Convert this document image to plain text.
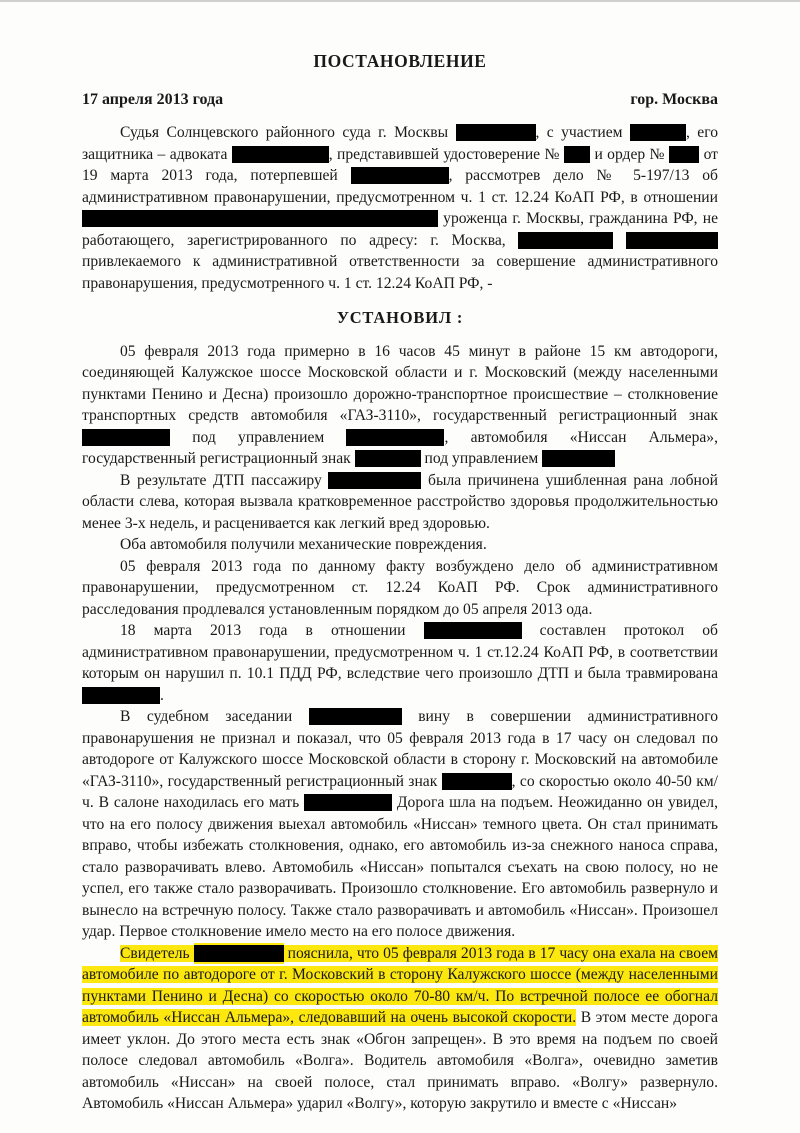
ПОСТАНОВЛЕНИЕ
17 апреля 2013 года	гор. Москва

Судья Солнцевского районного суда г. Москвы	, с участием	, его защитника – адвоката	, представившей удостоверение №  и ордер №  от 19 марта 2013 года, потерпевшей	, рассмотрев дело № 5-197/13 об административном правонарушении, предусмотренном ч. 1 ст. 12.24 КоАП РФ, в отношении  уроженца г. Москвы, гражданина РФ, не работающего, зарегистрированного по адресу: г. Москва,   привлекаемого к административной ответственности за совершение административного правонарушения, предусмотренного ч. 1 ст. 12.24 КоАП РФ, -

УСТАНОВИЛ :

05 февраля 2013 года примерно в 16 часов 45 минут в районе 15 км автодороги, соединяющей Калужское шоссе Московской области и г. Московский (между населенными пунктами Пенино и Десна) произошло дорожно-транспортное происшествие – столкновение транспортных средств автомобиля «ГАЗ-3110», государственный регистрационный знак  под управлением	, автомобиля «Ниссан Альмера», государственный регистрационный знак	под управлением

В результате ДТП пассажиру	была причинена ушибленная рана лобной области слева, которая вызвала кратковременное расстройство здоровья продолжительностью менее 3-х недель, и расценивается как легкий вред здоровью.

Оба автомобиля получили механические повреждения.

05 февраля 2013 года по данному факту возбуждено дело об административном правонарушении, предусмотренном ст. 12.24 КоАП РФ. Срок административного расследования продлевался установленным порядком до 05 апреля 2013 ода.

18 марта 2013 года в отношении	составлен протокол об административном правонарушении, предусмотренном ч. 1 ст.12.24 КоАП РФ, в соответствии которым он нарушил п. 10.1 ПДД РФ, вследствие чего произошло ДТП и была травмирована .

В судебном заседании	вину в совершении административного правонарушения не признал и показал, что 05 февраля 2013 года в 17 часу он следовал по автодороге от Калужского шоссе Московской области в сторону г. Московский на автомобиле «ГАЗ-3110», государственный регистрационный знак	, со скоростью около 40-50 км/ч. В салоне находилась его мать	Дорога шла на подъем. Неожиданно он увидел, что на его полосу движения выехал автомобиль «Ниссан» темного цвета. Он стал принимать вправо, чтобы избежать столкновения, однако, его автомобиль из-за снежного наноса справа, стало разворачивать влево. Автомобиль «Ниссан» попытался съехать на свою полосу, но не успел, его также стало разворачивать. Произошло столкновение. Его автомобиль развернуло и вынесло на встречную полосу. Также стало разворачивать и автомобиль «Ниссан». Произошел удар. Первое столкновение имело место на его полосе движения.

Свидетель	пояснила, что 05 февраля 2013 года в 17 часу она ехала на своем автомобиле по автодороге от г. Московский в сторону Калужского шоссе (между населенными пунктами Пенино и Десна) со скоростью около 70-80 км/ч. По встречной полосе ее обогнал автомобиль «Ниссан Альмера», следовавший на очень высокой скорости. В этом месте дорога имеет уклон. До этого места есть знак «Обгон запрещен». В это время на подъем по своей полосе следовал автомобиль «Волга». Водитель автомобиля «Волга», очевидно заметив автомобиль «Ниссан» на своей полосе, стал принимать вправо. «Волгу» развернуло. Автомобиль «Ниссан Альмера» ударил «Волгу», которую закрутило и вместе с «Ниссан»
